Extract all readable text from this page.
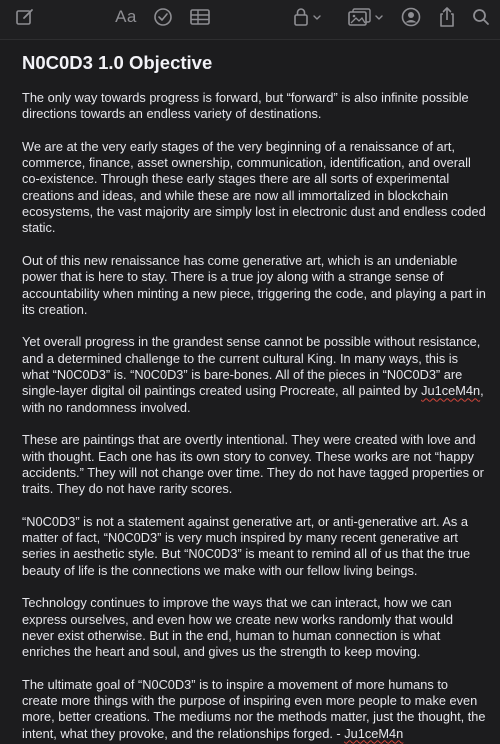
Aa
N0C0D3 1.0 Objective

The only way towards progress is forward, but “forward” is also infinite possible directions towards an endless variety of destinations.

We are at the very early stages of the very beginning of a renaissance of art, commerce, finance, asset ownership, communication, identification, and overall co-existence. Through these early stages there are all sorts of experimental creations and ideas, and while these are now all immortalized in blockchain ecosystems, the vast majority are simply lost in electronic dust and endless coded static.

Out of this new renaissance has come generative art, which is an undeniable power that is here to stay. There is a true joy along with a strange sense of accountability when minting a new piece, triggering the code, and playing a part in its creation.

Yet overall progress in the grandest sense cannot be possible without resistance, and a determined challenge to the current cultural King. In many ways, this is what “N0C0D3” is. “N0C0D3” is bare-bones. All of the pieces in “N0C0D3” are single-layer digital oil paintings created using Procreate, all painted by Ju1ceM4n, with no randomness involved.

These are paintings that are overtly intentional. They were created with love and with thought. Each one has its own story to convey. These works are not “happy accidents.” They will not change over time. They do not have tagged properties or traits. They do not have rarity scores.

“N0C0D3” is not a statement against generative art, or anti-generative art. As a matter of fact, “N0C0D3” is very much inspired by many recent generative art series in aesthetic style. But “N0C0D3” is meant to remind all of us that the true beauty of life is the connections we make with our fellow living beings.

Technology continues to improve the ways that we can interact, how we can express ourselves, and even how we create new works randomly that would never exist otherwise. But in the end, human to human connection is what enriches the heart and soul, and gives us the strength to keep moving.

The ultimate goal of “N0C0D3” is to inspire a movement of more humans to create more things with the purpose of inspiring even more people to make even more, better creations. The mediums nor the methods matter, just the thought, the intent, what they provoke, and the relationships forged. - Ju1ceM4n
